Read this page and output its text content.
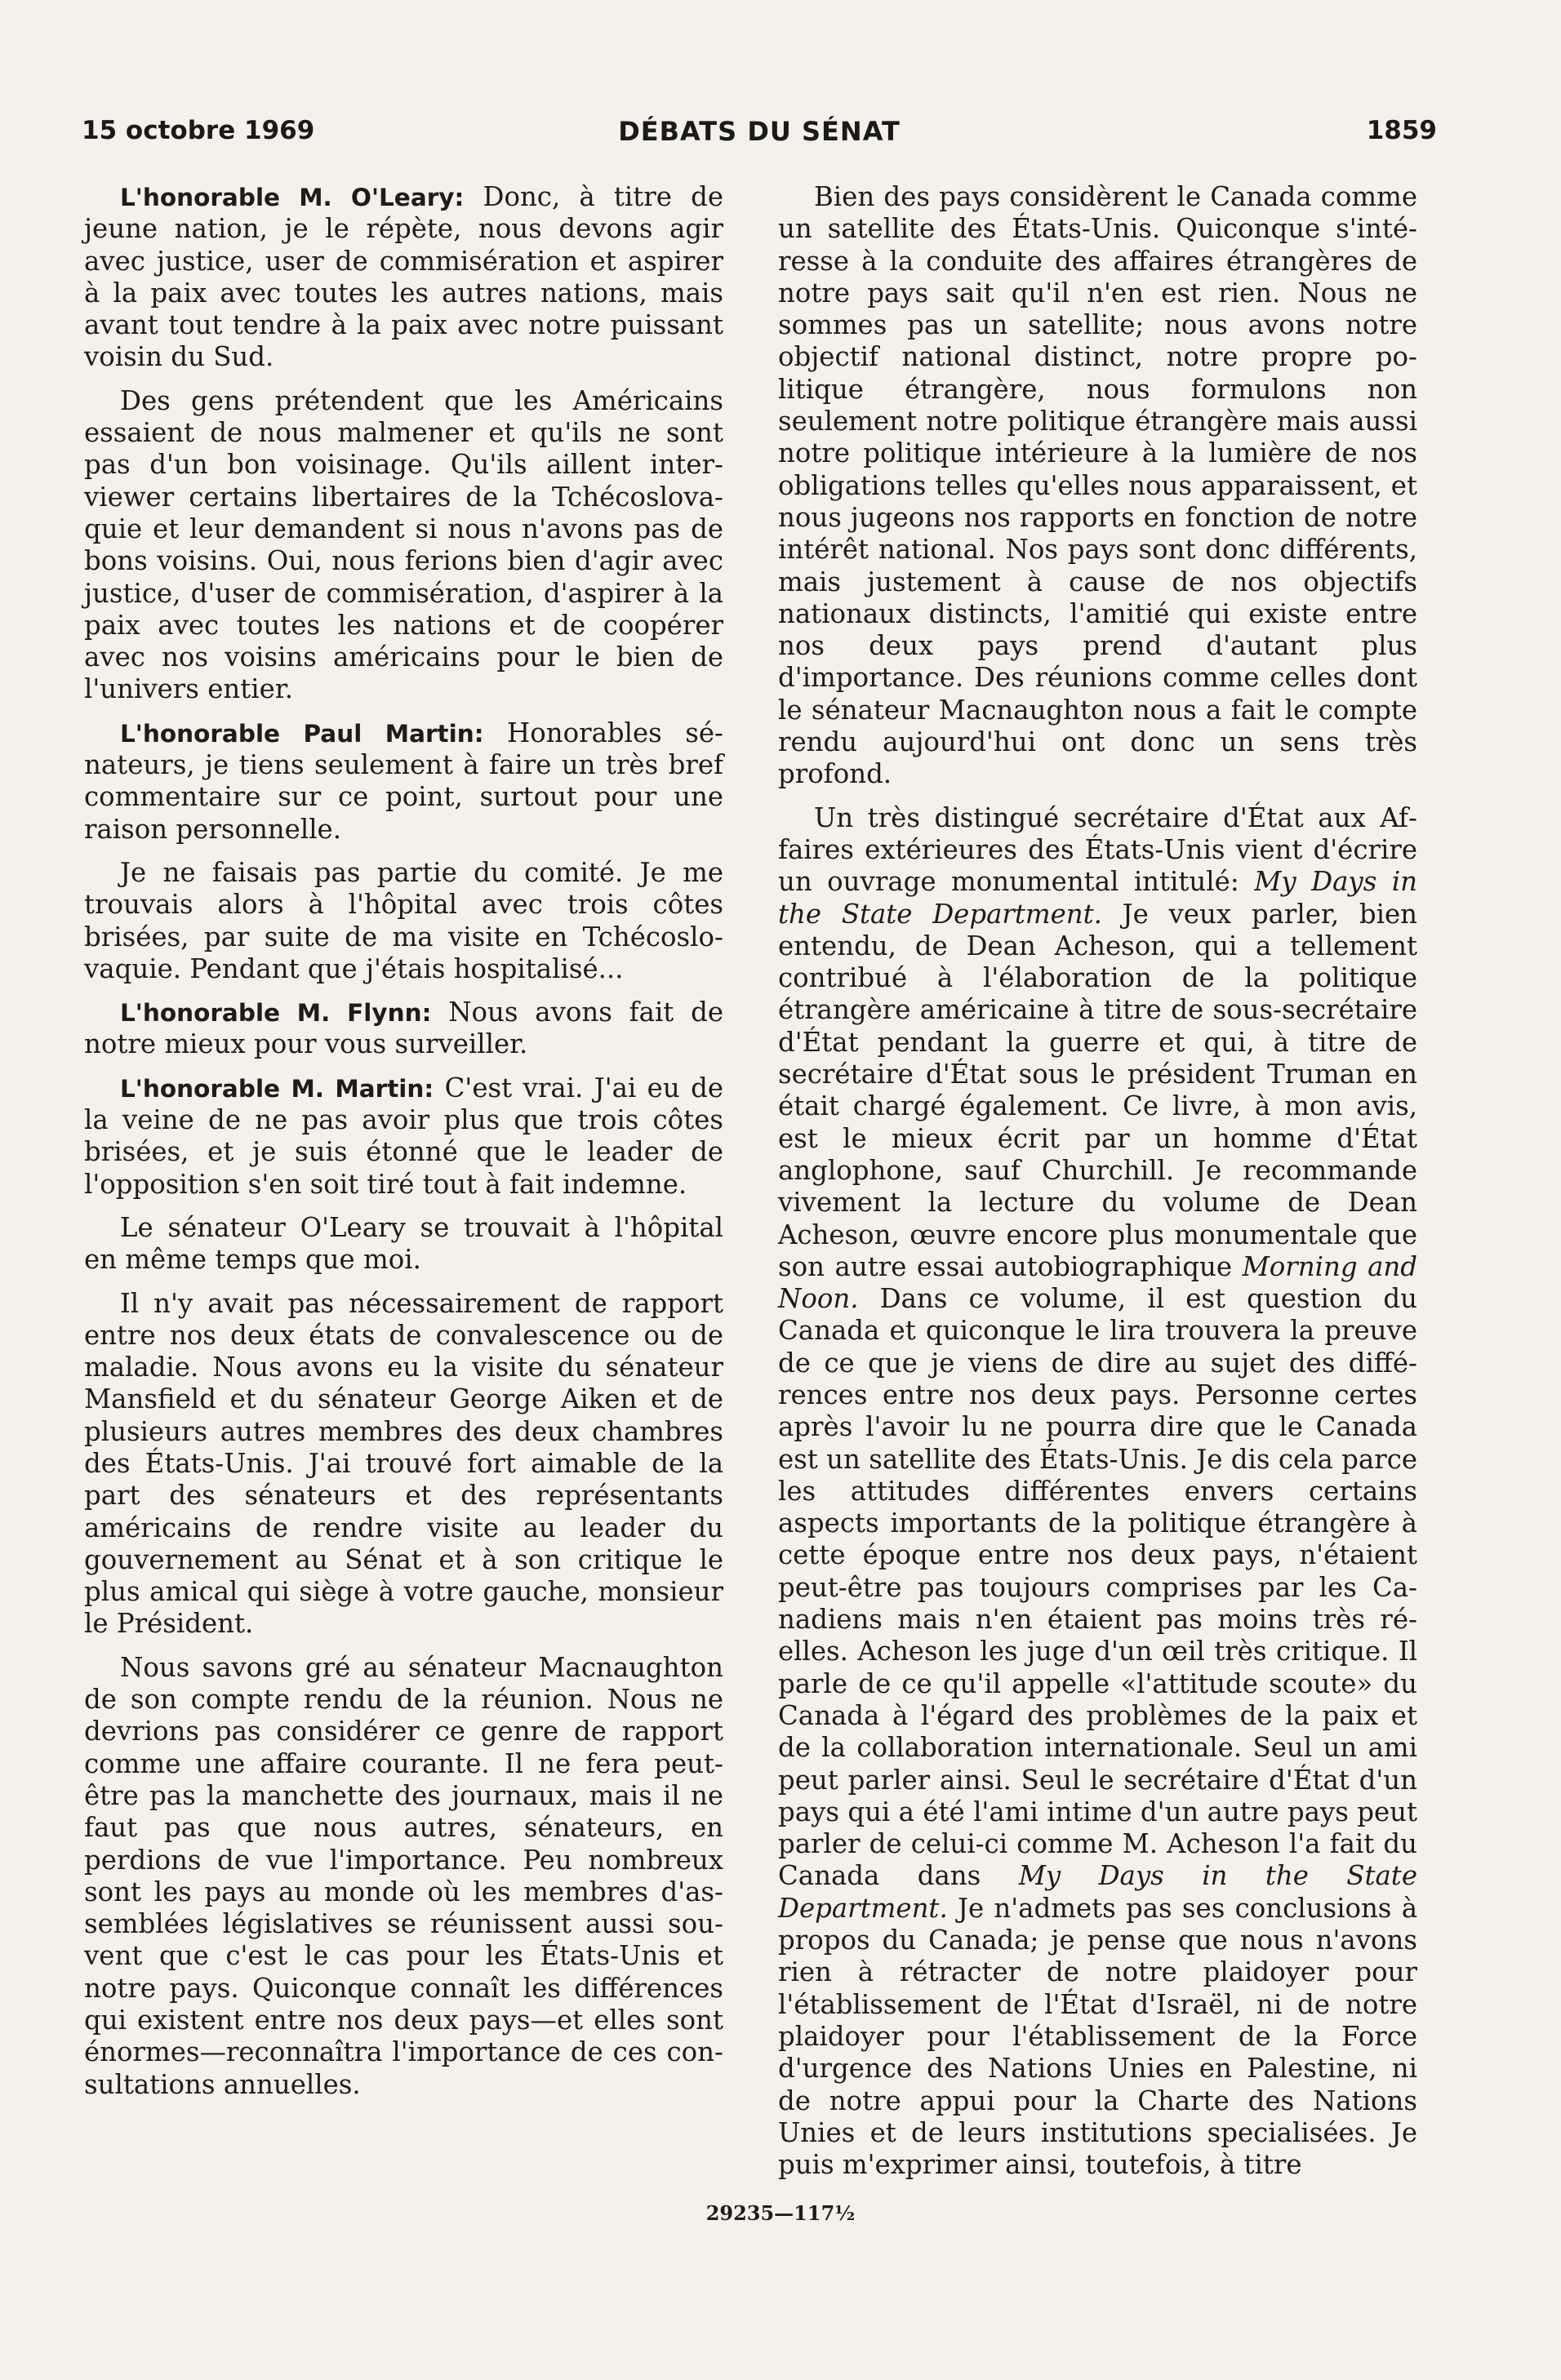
15 octobre 1969	DÉBATS DU SÉNAT	1859

L'honorable M. O'Leary: Donc, à titre de jeune nation, je le répète, nous devons agir avec justice, user de commisération et aspirer à la paix avec toutes les autres nations, mais avant tout tendre à la paix avec notre puissant voisin du Sud.

Des gens prétendent que les Américains essaient de nous malmener et qu'ils ne sont pas d'un bon voisinage. Qu'ils aillent interviewer certains libertaires de la Tchécoslovaquie et leur demandent si nous n'avons pas de bons voisins. Oui, nous ferions bien d'agir avec justice, d'user de commisération, d'aspirer à la paix avec toutes les nations et de coopérer avec nos voisins américains pour le bien de l'univers entier.

L'honorable Paul Martin: Honorables sénateurs, je tiens seulement à faire un très bref commentaire sur ce point, surtout pour une raison personnelle.

Je ne faisais pas partie du comité. Je me trouvais alors à l'hôpital avec trois côtes brisées, par suite de ma visite en Tchécoslovaquie. Pendant que j'étais hospitalisé...

L'honorable M. Flynn: Nous avons fait de notre mieux pour vous surveiller.

L'honorable M. Martin: C'est vrai. J'ai eu de la veine de ne pas avoir plus que trois côtes brisées, et je suis étonné que le leader de l'opposition s'en soit tiré tout à fait indemne.

Le sénateur O'Leary se trouvait à l'hôpital en même temps que moi.

Il n'y avait pas nécessairement de rapport entre nos deux états de convalescence ou de maladie. Nous avons eu la visite du sénateur Mansfield et du sénateur George Aiken et de plusieurs autres membres des deux chambres des États-Unis. J'ai trouvé fort aimable de la part des sénateurs et des représentants américains de rendre visite au leader du gouvernement au Sénat et à son critique le plus amical qui siège à votre gauche, monsieur le Président.

Nous savons gré au sénateur Macnaughton de son compte rendu de la réunion. Nous ne devrions pas considérer ce genre de rapport comme une affaire courante. Il ne fera peut-être pas la manchette des journaux, mais il ne faut pas que nous autres, sénateurs, en perdions de vue l'importance. Peu nombreux sont les pays au monde où les membres d'assemblées législatives se réunissent aussi souvent que c'est le cas pour les États-Unis et notre pays. Quiconque connaît les différences qui existent entre nos deux pays—et elles sont énormes—reconnaîtra l'importance de ces consultations annuelles.

Bien des pays considèrent le Canada comme un satellite des États-Unis. Quiconque s'intéresse à la conduite des affaires étrangères de notre pays sait qu'il n'en est rien. Nous ne sommes pas un satellite; nous avons notre objectif national distinct, notre propre politique étrangère, nous formulons non seulement notre politique étrangère mais aussi notre politique intérieure à la lumière de nos obligations telles qu'elles nous apparaissent, et nous jugeons nos rapports en fonction de notre intérêt national. Nos pays sont donc différents, mais justement à cause de nos objectifs nationaux distincts, l'amitié qui existe entre nos deux pays prend d'autant plus d'importance. Des réunions comme celles dont le sénateur Macnaughton nous a fait le compte rendu aujourd'hui ont donc un sens très profond.

Un très distingué secrétaire d'État aux Affaires extérieures des États-Unis vient d'écrire un ouvrage monumental intitulé: My Days in the State Department. Je veux parler, bien entendu, de Dean Acheson, qui a tellement contribué à l'élaboration de la politique étrangère américaine à titre de sous-secrétaire d'État pendant la guerre et qui, à titre de secrétaire d'État sous le président Truman en était chargé également. Ce livre, à mon avis, est le mieux écrit par un homme d'État anglophone, sauf Churchill. Je recommande vivement la lecture du volume de Dean Acheson, œuvre encore plus monumentale que son autre essai autobiographique Morning and Noon. Dans ce volume, il est question du Canada et quiconque le lira trouvera la preuve de ce que je viens de dire au sujet des différences entre nos deux pays. Personne certes après l'avoir lu ne pourra dire que le Canada est un satellite des États-Unis. Je dis cela parce les attitudes différentes envers certains aspects importants de la politique étrangère à cette époque entre nos deux pays, n'étaient peut-être pas toujours comprises par les Canadiens mais n'en étaient pas moins très réelles. Acheson les juge d'un œil très critique. Il parle de ce qu'il appelle «l'attitude scoute» du Canada à l'égard des problèmes de la paix et de la collaboration internationale. Seul un ami peut parler ainsi. Seul le secrétaire d'État d'un pays qui a été l'ami intime d'un autre pays peut parler de celui-ci comme M. Acheson l'a fait du Canada dans My Days in the State Department. Je n'admets pas ses conclusions à propos du Canada; je pense que nous n'avons rien à rétracter de notre plaidoyer pour l'établissement de l'État d'Israël, ni de notre plaidoyer pour l'établissement de la Force d'urgence des Nations Unies en Palestine, ni de notre appui pour la Charte des Nations Unies et de leurs institutions specialisées. Je puis m'exprimer ainsi, toutefois, à titre

29235—117½
